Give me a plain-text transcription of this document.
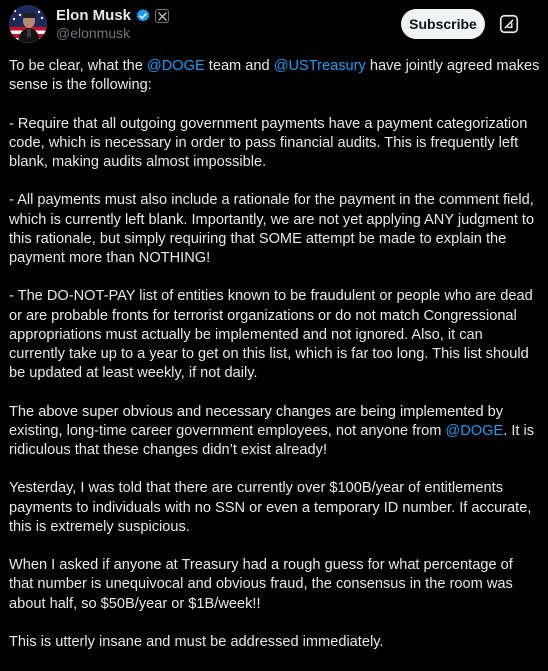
Elon Musk
@elonmusk
Subscribe

To be clear, what the @DOGE team and @USTreasury have jointly agreed makes sense is the following:

- Require that all outgoing government payments have a payment categorization code, which is necessary in order to pass financial audits. This is frequently left blank, making audits almost impossible.

- All payments must also include a rationale for the payment in the comment field, which is currently left blank. Importantly, we are not yet applying ANY judgment to this rationale, but simply requiring that SOME attempt be made to explain the payment more than NOTHING!

- The DO-NOT-PAY list of entities known to be fraudulent or people who are dead or are probable fronts for terrorist organizations or do not match Congressional appropriations must actually be implemented and not ignored. Also, it can currently take up to a year to get on this list, which is far too long. This list should be updated at least weekly, if not daily.

The above super obvious and necessary changes are being implemented by existing, long-time career government employees, not anyone from @DOGE. It is ridiculous that these changes didn’t exist already!

Yesterday, I was told that there are currently over $100B/year of entitlements payments to individuals with no SSN or even a temporary ID number. If accurate, this is extremely suspicious.

When I asked if anyone at Treasury had a rough guess for what percentage of that number is unequivocal and obvious fraud, the consensus in the room was about half, so $50B/year or $1B/week!!

This is utterly insane and must be addressed immediately.
